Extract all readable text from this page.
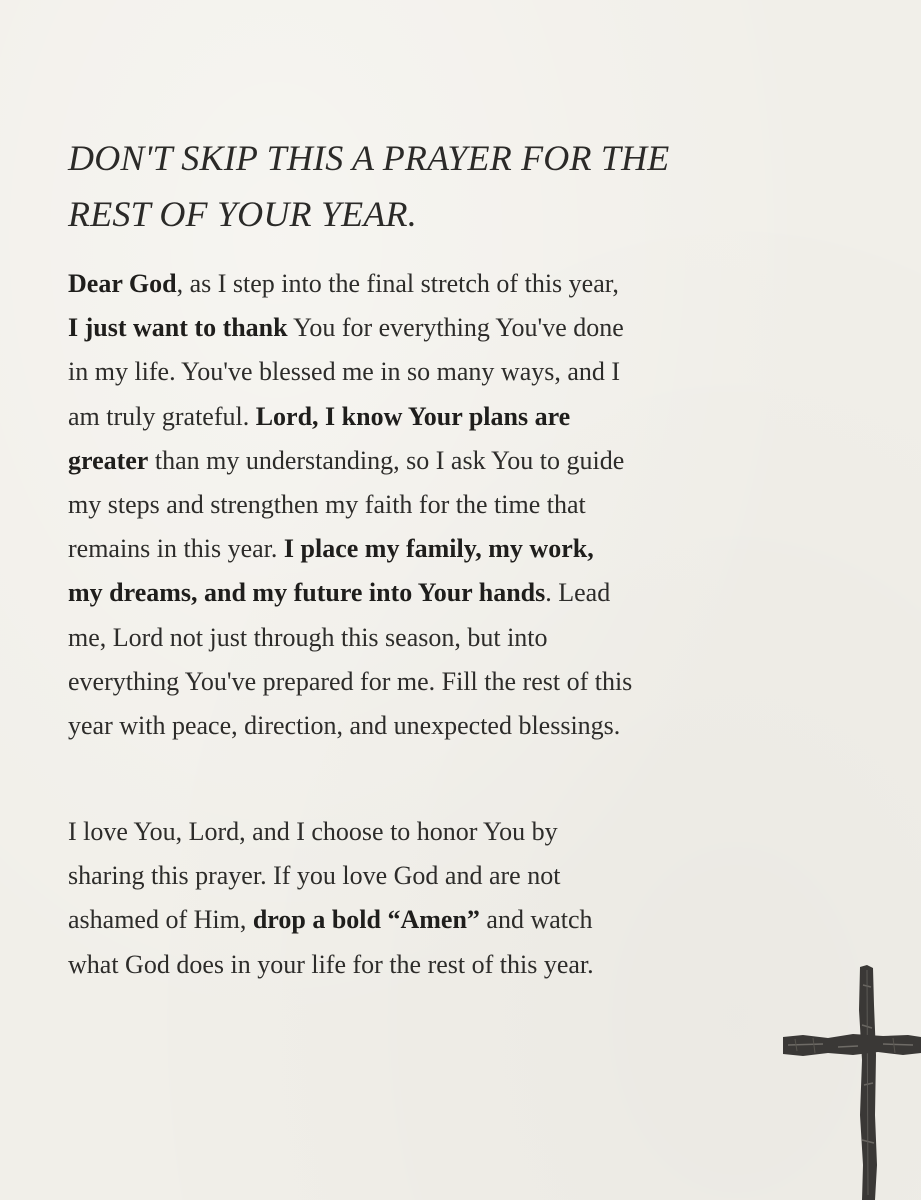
DON'T SKIP THIS A PRAYER FOR THE
REST OF YOUR YEAR.

Dear God, as I step into the final stretch of this year,
I just want to thank You for everything You've done
in my life. You've blessed me in so many ways, and I
am truly grateful. Lord, I know Your plans are
greater than my understanding, so I ask You to guide
my steps and strengthen my faith for the time that
remains in this year. I place my family, my work,
my dreams, and my future into Your hands. Lead
me, Lord not just through this season, but into
everything You've prepared for me. Fill the rest of this
year with peace, direction, and unexpected blessings.

I love You, Lord, and I choose to honor You by
sharing this prayer. If you love God and are not
ashamed of Him, drop a bold “Amen” and watch
what God does in your life for the rest of this year.
